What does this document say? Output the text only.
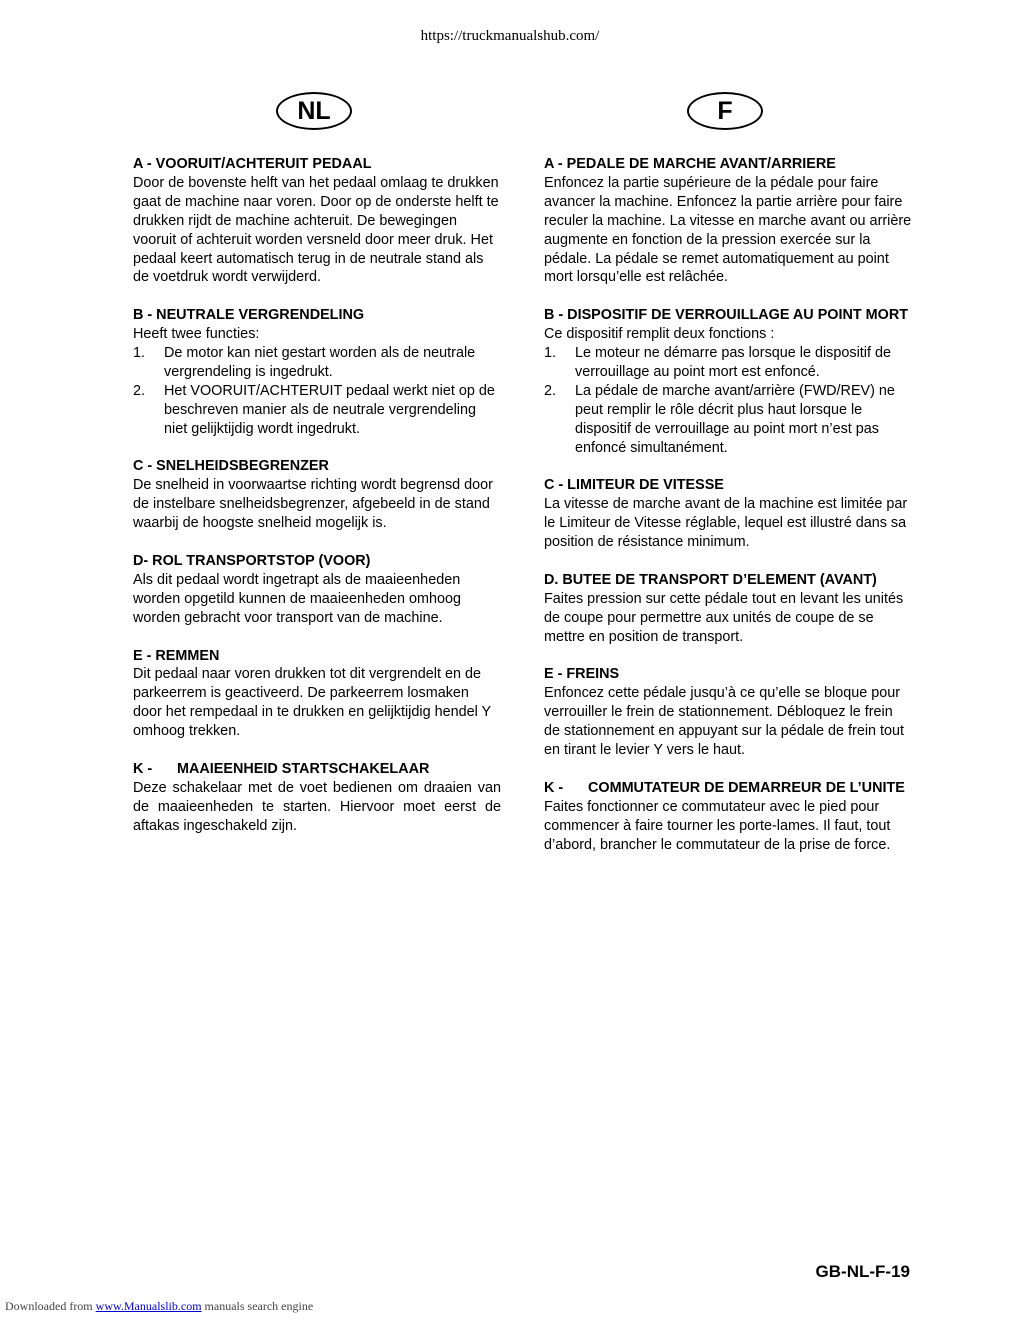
https://truckmanualshub.com/
NL	F
A - VOORUIT/ACHTERUIT PEDAAL
Door de bovenste helft van het pedaal omlaag te drukken gaat de machine naar voren. Door op de onderste helft te drukken rijdt de machine achteruit. De bewegingen vooruit of achteruit worden versneld door meer druk. Het pedaal keert automatisch terug in de neutrale stand als de voetdruk wordt verwijderd.
B - NEUTRALE VERGRENDELING
Heeft twee functies:
1.	De motor kan niet gestart worden als de neutrale vergrendeling is ingedrukt.
2.	Het VOORUIT/ACHTERUIT pedaal werkt niet op de beschreven manier als de neutrale vergrendeling niet gelijktijdig wordt ingedrukt.
C - SNELHEIDSBEGRENZER
De snelheid in voorwaartse richting wordt begrensd door de instelbare snelheidsbegrenzer, afgebeeld in de stand waarbij de hoogste snelheid mogelijk is.
D- ROL TRANSPORTSTOP (VOOR)
Als dit pedaal wordt ingetrapt als de maaieenheden worden opgetild kunnen de maaieenheden omhoog worden gebracht voor transport van de machine.
E - REMMEN
Dit pedaal naar voren drukken tot dit vergrendelt en de parkeerrem is geactiveerd. De parkeerrem losmaken door het rempedaal in te drukken en gelijktijdig hendel Y omhoog trekken.
K -	MAAIEENHEID STARTSCHAKELAAR
Deze schakelaar met de voet bedienen om draaien van de maaieenheden te starten. Hiervoor moet eerst de aftakas ingeschakeld zijn.
A - PEDALE DE MARCHE AVANT/ARRIERE
Enfoncez la partie supérieure de la pédale pour faire avancer la machine. Enfoncez la partie arrière pour faire reculer la machine. La vitesse en marche avant ou arrière augmente en fonction de la pression exercée sur la pédale. La pédale se remet automatiquement au point mort lorsqu’elle est relâchée.
B - DISPOSITIF DE VERROUILLAGE AU POINT MORT
Ce dispositif remplit deux fonctions :
1.	Le moteur ne démarre pas lorsque le dispositif de verrouillage au point mort est enfoncé.
2.	La pédale de marche avant/arrière (FWD/REV) ne peut remplir le rôle décrit plus haut lorsque le dispositif de verrouillage au point mort n’est pas enfoncé simultanément.
C - LIMITEUR DE VITESSE
La vitesse de marche avant de la machine est limitée par le Limiteur de Vitesse réglable, lequel est illustré dans sa position de résistance minimum.
D. BUTEE DE TRANSPORT D’ELEMENT (AVANT)
Faites pression sur cette pédale tout en levant les unités de coupe pour permettre aux unités de coupe de se mettre en position de transport.
E - FREINS
Enfoncez cette pédale jusqu’à ce qu’elle se bloque pour verrouiller le frein de stationnement. Débloquez le frein de stationnement en appuyant sur la pédale de frein tout en tirant le levier Y vers le haut.
K -	COMMUTATEUR DE DEMARREUR DE L’UNITE
Faites fonctionner ce commutateur avec le pied pour commencer à faire tourner les porte-lames. Il faut, tout d’abord, brancher le commutateur de la prise de force.
GB-NL-F-19
Downloaded from www.Manualslib.com manuals search engine
